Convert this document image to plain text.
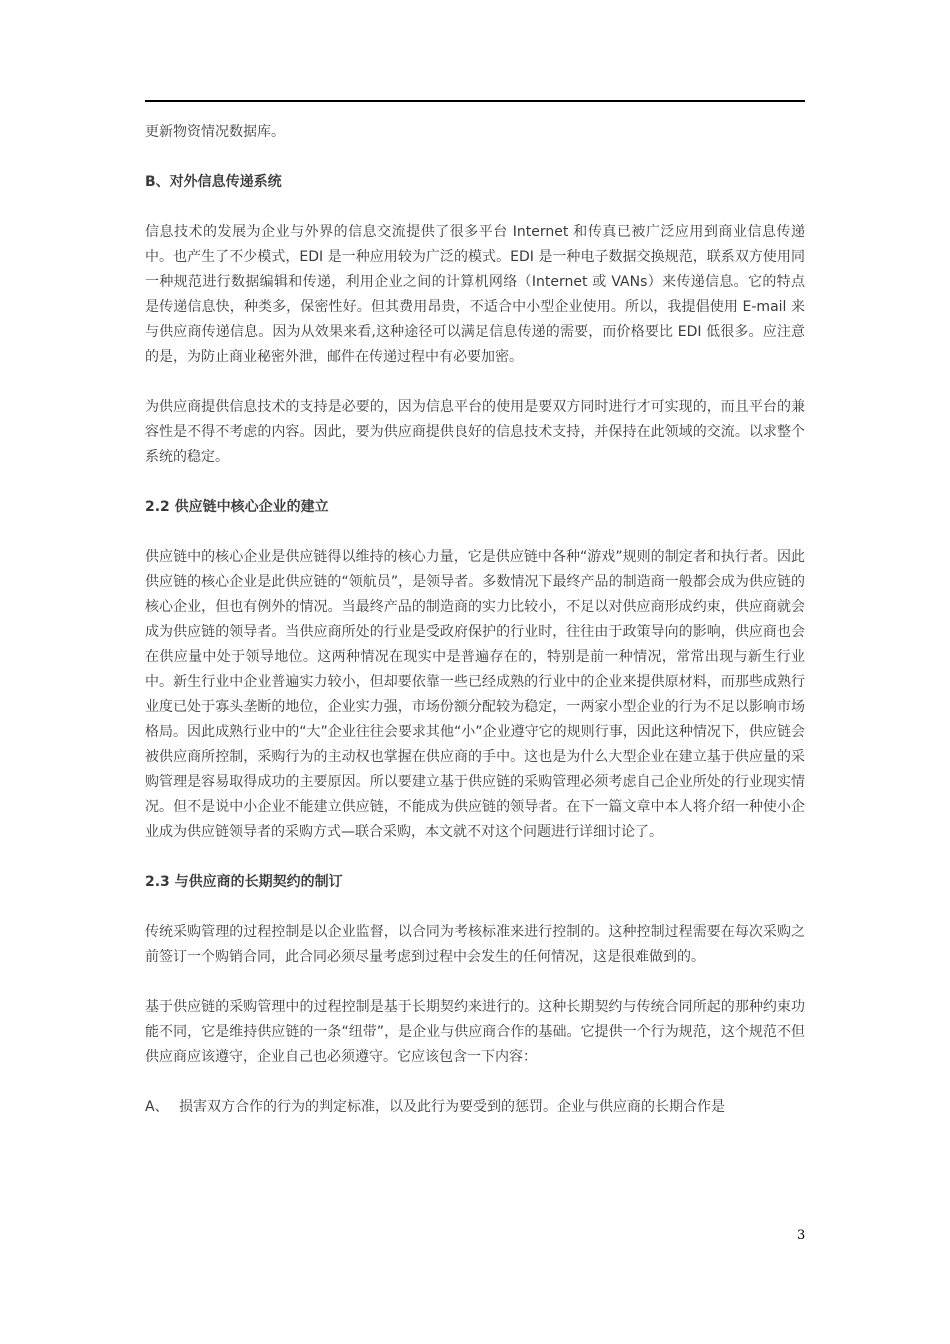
更新物资情况数据库。

B、对外信息传递系统

信息技术的发展为企业与外界的信息交流提供了很多平台 Internet 和传真已被广泛应用到商业信息传递中。也产生了不少模式，EDI 是一种应用较为广泛的模式。EDI 是一种电子数据交换规范，联系双方使用同一种规范进行数据编辑和传递，利用企业之间的计算机网络（Internet 或 VANs）来传递信息。它的特点是传递信息快，种类多，保密性好。但其费用昂贵，不适合中小型企业使用。所以，我提倡使用 E-mail 来与供应商传递信息。因为从效果来看,这种途径可以满足信息传递的需要，而价格要比 EDI 低很多。应注意的是，为防止商业秘密外泄，邮件在传递过程中有必要加密。

为供应商提供信息技术的支持是必要的，因为信息平台的使用是要双方同时进行才可实现的，而且平台的兼容性是不得不考虑的内容。因此，要为供应商提供良好的信息技术支持，并保持在此领域的交流。以求整个系统的稳定。

2.2 供应链中核心企业的建立

供应链中的核心企业是供应链得以维持的核心力量，它是供应链中各种“游戏”规则的制定者和执行者。因此供应链的核心企业是此供应链的“领航员”，是领导者。多数情况下最终产品的制造商一般都会成为供应链的核心企业，但也有例外的情况。当最终产品的制造商的实力比较小，不足以对供应商形成约束，供应商就会成为供应链的领导者。当供应商所处的行业是受政府保护的行业时，往往由于政策导向的影响，供应商也会在供应量中处于领导地位。这两种情况在现实中是普遍存在的，特别是前一种情况，常常出现与新生行业中。新生行业中企业普遍实力较小，但却要依靠一些已经成熟的行业中的企业来提供原材料，而那些成熟行业度已处于寡头垄断的地位，企业实力强，市场份额分配较为稳定，一两家小型企业的行为不足以影响市场格局。因此成熟行业中的“大”企业往往会要求其他“小”企业遵守它的规则行事，因此这种情况下，供应链会被供应商所控制，采购行为的主动权也掌握在供应商的手中。这也是为什么大型企业在建立基于供应量的采购管理是容易取得成功的主要原因。所以要建立基于供应链的采购管理必须考虑自己企业所处的行业现实情况。但不是说中小企业不能建立供应链，不能成为供应链的领导者。在下一篇文章中本人将介绍一种使小企业成为供应链领导者的采购方式—联合采购，本文就不对这个问题进行详细讨论了。

2.3 与供应商的长期契约的制订

传统采购管理的过程控制是以企业监督，以合同为考核标准来进行控制的。这种控制过程需要在每次采购之前签订一个购销合同，此合同必须尽量考虑到过程中会发生的任何情况，这是很难做到的。

基于供应链的采购管理中的过程控制是基于长期契约来进行的。这种长期契约与传统合同所起的那种约束功能不同，它是维持供应链的一条“纽带”，是企业与供应商合作的基础。它提供一个行为规范，这个规范不但供应商应该遵守，企业自己也必须遵守。它应该包含一下内容：

A、 损害双方合作的行为的判定标准，以及此行为要受到的惩罚。企业与供应商的长期合作是

3
